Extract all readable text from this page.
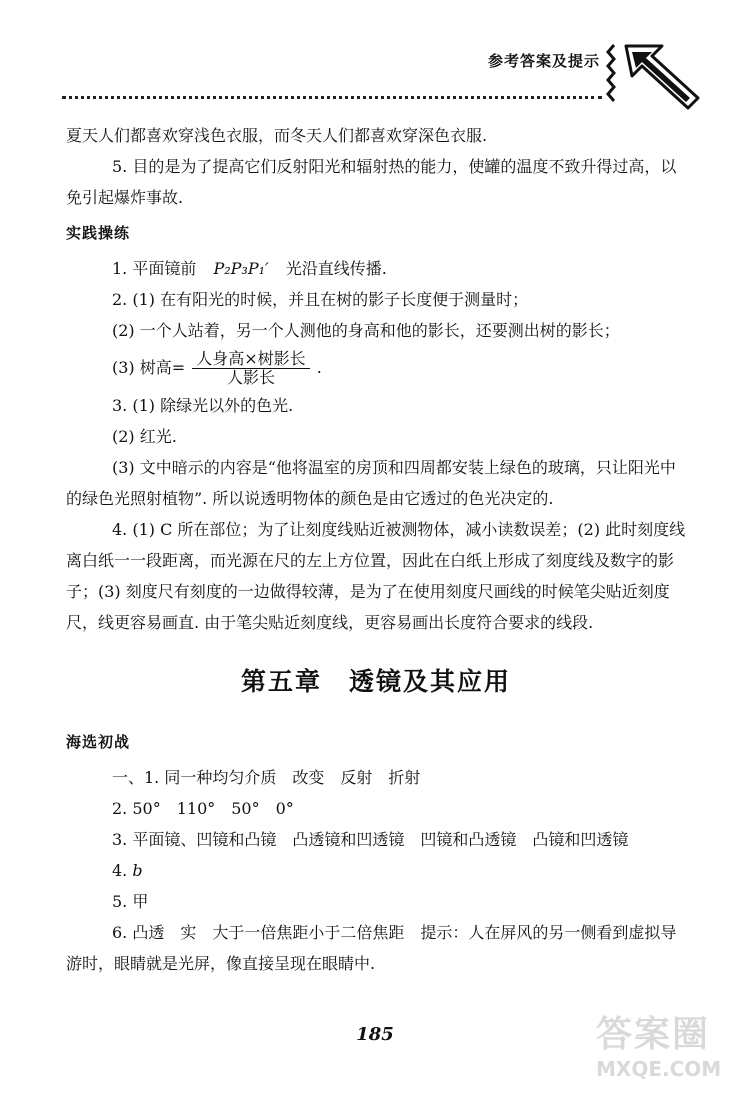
参考答案及提示

夏天人们都喜欢穿浅色衣服，而冬天人们都喜欢穿深色衣服.

5. 目的是为了提高它们反射阳光和辐射热的能力，使罐的温度不致升得过高，以免引起爆炸事故.

实践操练

1. 平面镜前 P₂P₃P₁′ 光沿直线传播.

2. (1) 在有阳光的时候，并且在树的影子长度便于测量时；

(2) 一个人站着，另一个人测他的身高和他的影长，还要测出树的影长；

(3) 树高= $\frac{\text{人身高×树影长}}{\text{人影长}}$ .

3. (1) 除绿光以外的色光.

(2) 红光.

(3) 文中暗示的内容是“他将温室的房顶和四周都安装上绿色的玻璃，只让阳光中的绿色光照射植物”. 所以说透明物体的颜色是由它透过的色光决定的.

4. (1) C 所在部位；为了让刻度线贴近被测物体，减小读数误差；(2) 此时刻度线离白纸一一段距离，而光源在尺的左上方位置，因此在白纸上形成了刻度线及数字的影子；(3) 刻度尺有刻度的一边做得较薄，是为了在使用刻度尺画线的时候笔尖贴近刻度尺，线更容易画直. 由于笔尖贴近刻度线，更容易画出长度符合要求的线段.

第五章　透镜及其应用
海选初战

一、1. 同一种均匀介质　改变　反射　折射

2. 50°　110°　50°　0°

3. 平面镜、凹镜和凸镜　凸透镜和凹透镜　凹镜和凸透镜　凸镜和凹透镜

4. b

5. 甲

6. 凸透　实　大于一倍焦距小于二倍焦距　提示：人在屏风的另一侧看到虚拟导游时，眼睛就是光屏，像直接呈现在眼睛中.

185	答案圈
MXQE.COM
